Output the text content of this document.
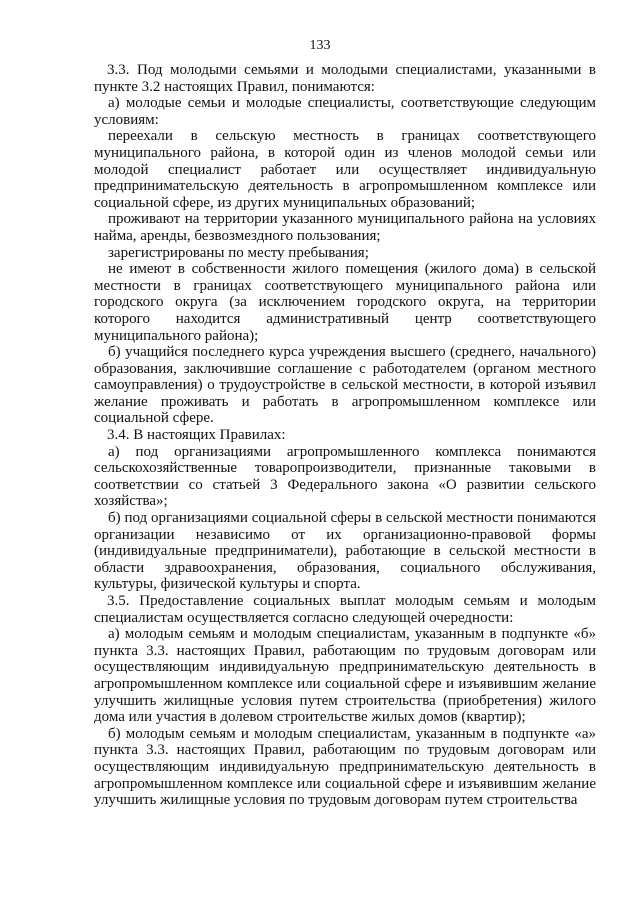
133

3.3. Под молодыми семьями и молодыми специалистами, указанными в пункте 3.2 настоящих Правил, понимаются:

а) молодые семьи и молодые специалисты, соответствующие следующим условиям:

переехали в сельскую местность в границах соответствующего муниципального района, в которой один из членов молодой семьи или молодой специалист работает или осуществляет индивидуальную предпринимательскую деятельность в агропромышленном комплексе или социальной сфере, из других муниципальных образований;

проживают на территории указанного муниципального района на условиях найма, аренды, безвозмездного пользования;

зарегистрированы по месту пребывания;

не имеют в собственности жилого помещения (жилого дома) в сельской местности в границах соответствующего муниципального района или городского округа (за исключением городского округа, на территории которого находится административный центр соответствующего муниципального района);

б) учащийся последнего курса учреждения высшего (среднего, начального) образования, заключившие соглашение с работодателем (органом местного самоуправления) о трудоустройстве в сельской местности, в которой изъявил желание проживать и работать в агропромышленном комплексе или социальной сфере.

3.4. В настоящих Правилах:

а) под организациями агропромышленного комплекса понимаются сельскохозяйственные товаропроизводители, признанные таковыми в соответствии со статьей 3 Федерального закона «О развитии сельского хозяйства»;

б) под организациями социальной сферы в сельской местности понимаются организации независимо от их организационно-правовой формы (индивидуальные предприниматели), работающие в сельской местности в области здравоохранения, образования, социального обслуживания, культуры, физической культуры и спорта.

3.5. Предоставление социальных выплат молодым семьям и молодым специалистам осуществляется согласно следующей очередности:

а) молодым семьям и молодым специалистам, указанным в подпункте «б» пункта 3.3. настоящих Правил, работающим по трудовым договорам или осуществляющим индивидуальную предпринимательскую деятельность в агропромышленном комплексе или социальной сфере и изъявившим желание улучшить жилищные условия путем строительства (приобретения) жилого дома или участия в долевом строительстве жилых домов (квартир);

б) молодым семьям и молодым специалистам, указанным в подпункте «а» пункта 3.3. настоящих Правил, работающим по трудовым договорам или осуществляющим индивидуальную предпринимательскую деятельность в агропромышленном комплексе или социальной сфере и изъявившим желание улучшить жилищные условия по трудовым договорам путем строительства
